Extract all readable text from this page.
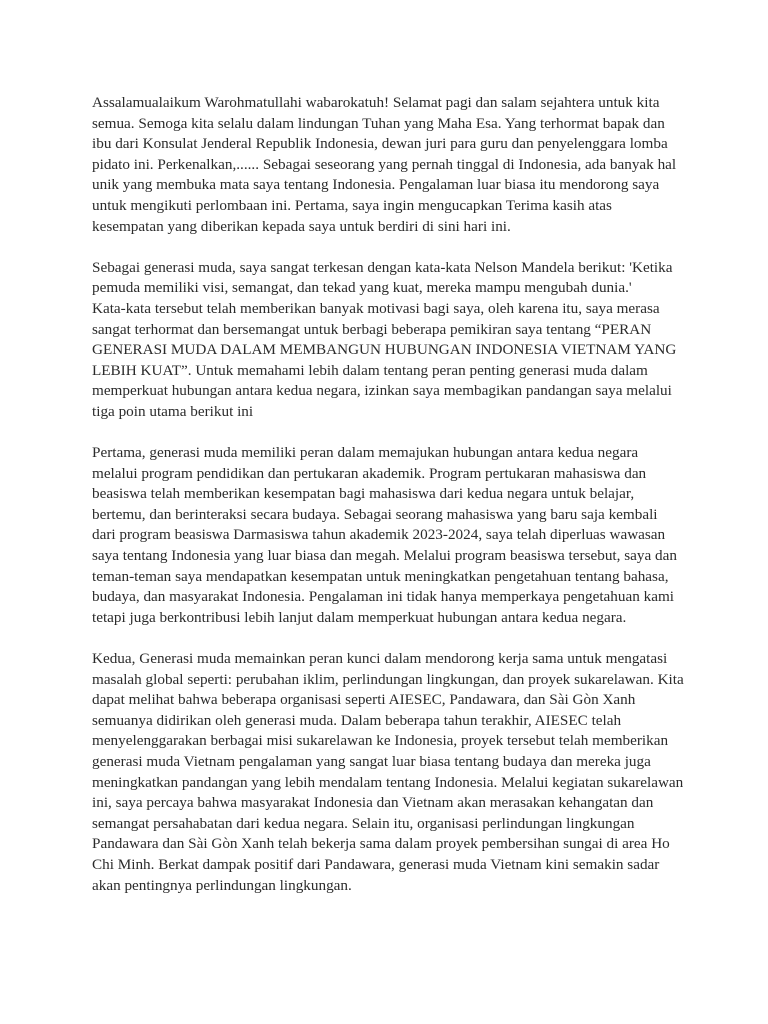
Assalamualaikum Warohmatullahi wabarokatuh! Selamat pagi dan salam sejahtera untuk kita
semua. Semoga kita selalu dalam lindungan Tuhan yang Maha Esa. Yang terhormat bapak dan
ibu dari Konsulat Jenderal Republik Indonesia, dewan juri para guru dan penyelenggara lomba
pidato ini. Perkenalkan,...... Sebagai seseorang yang pernah tinggal di Indonesia, ada banyak hal
unik yang membuka mata saya tentang Indonesia. Pengalaman luar biasa itu mendorong saya
untuk mengikuti perlombaan ini. Pertama, saya ingin mengucapkan Terima kasih atas
kesempatan yang diberikan kepada saya untuk berdiri di sini hari ini.

Sebagai generasi muda, saya sangat terkesan dengan kata-kata Nelson Mandela berikut: 'Ketika
pemuda memiliki visi, semangat, dan tekad yang kuat, mereka mampu mengubah dunia.'
Kata-kata tersebut telah memberikan banyak motivasi bagi saya, oleh karena itu, saya merasa
sangat terhormat dan bersemangat untuk berbagi beberapa pemikiran saya tentang “PERAN
GENERASI MUDA DALAM MEMBANGUN HUBUNGAN INDONESIA VIETNAM YANG
LEBIH KUAT”. Untuk memahami lebih dalam tentang peran penting generasi muda dalam
memperkuat hubungan antara kedua negara, izinkan saya membagikan pandangan saya melalui
tiga poin utama berikut ini

Pertama, generasi muda memiliki peran dalam memajukan hubungan antara kedua negara
melalui program pendidikan dan pertukaran akademik. Program pertukaran mahasiswa dan
beasiswa telah memberikan kesempatan bagi mahasiswa dari kedua negara untuk belajar,
bertemu, dan berinteraksi secara budaya. Sebagai seorang mahasiswa yang baru saja kembali
dari program beasiswa Darmasiswa tahun akademik 2023-2024, saya telah diperluas wawasan
saya tentang Indonesia yang luar biasa dan megah. Melalui program beasiswa tersebut, saya dan
teman-teman saya mendapatkan kesempatan untuk meningkatkan pengetahuan tentang bahasa,
budaya, dan masyarakat Indonesia. Pengalaman ini tidak hanya memperkaya pengetahuan kami
tetapi juga berkontribusi lebih lanjut dalam memperkuat hubungan antara kedua negara.

Kedua, Generasi muda memainkan peran kunci dalam mendorong kerja sama untuk mengatasi
masalah global seperti: perubahan iklim, perlindungan lingkungan, dan proyek sukarelawan. Kita
dapat melihat bahwa beberapa organisasi seperti AIESEC, Pandawara, dan Sài Gòn Xanh
semuanya didirikan oleh generasi muda. Dalam beberapa tahun terakhir, AIESEC telah
menyelenggarakan berbagai misi sukarelawan ke Indonesia, proyek tersebut telah memberikan
generasi muda Vietnam pengalaman yang sangat luar biasa tentang budaya dan mereka juga
meningkatkan pandangan yang lebih mendalam tentang Indonesia. Melalui kegiatan sukarelawan
ini, saya percaya bahwa masyarakat Indonesia dan Vietnam akan merasakan kehangatan dan
semangat persahabatan dari kedua negara. Selain itu, organisasi perlindungan lingkungan
Pandawara dan Sài Gòn Xanh telah bekerja sama dalam proyek pembersihan sungai di area Ho
Chi Minh. Berkat dampak positif dari Pandawara, generasi muda Vietnam kini semakin sadar
akan pentingnya perlindungan lingkungan.
